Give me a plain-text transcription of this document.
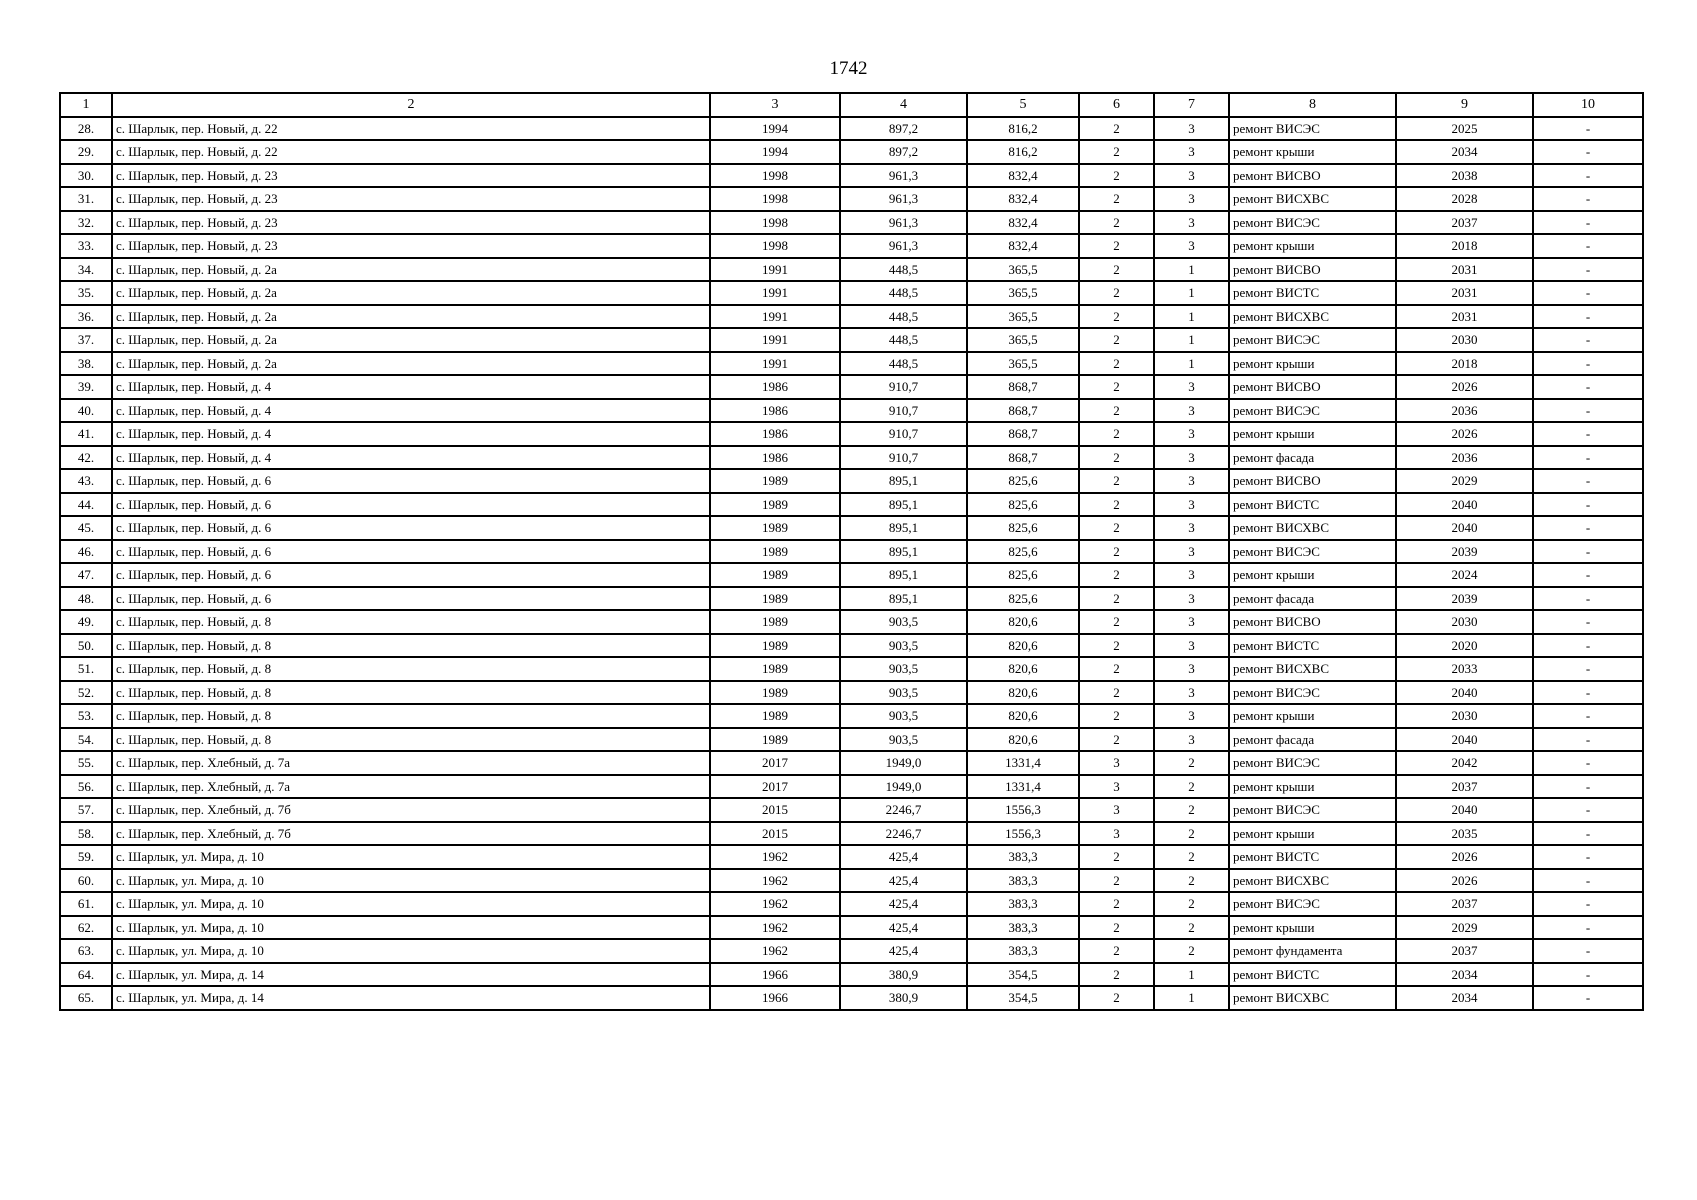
1742
1	2	3	4	5	6	7	8	9	10
28.	с. Шарлык, пер. Новый, д. 22	1994	897,2	816,2	2	3	ремонт ВИСЭС	2025	-
29.	с. Шарлык, пер. Новый, д. 22	1994	897,2	816,2	2	3	ремонт крыши	2034	-
30.	с. Шарлык, пер. Новый, д. 23	1998	961,3	832,4	2	3	ремонт ВИСВО	2038	-
31.	с. Шарлык, пер. Новый, д. 23	1998	961,3	832,4	2	3	ремонт ВИСХВС	2028	-
32.	с. Шарлык, пер. Новый, д. 23	1998	961,3	832,4	2	3	ремонт ВИСЭС	2037	-
33.	с. Шарлык, пер. Новый, д. 23	1998	961,3	832,4	2	3	ремонт крыши	2018	-
34.	с. Шарлык, пер. Новый, д. 2а	1991	448,5	365,5	2	1	ремонт ВИСВО	2031	-
35.	с. Шарлык, пер. Новый, д. 2а	1991	448,5	365,5	2	1	ремонт ВИСТС	2031	-
36.	с. Шарлык, пер. Новый, д. 2а	1991	448,5	365,5	2	1	ремонт ВИСХВС	2031	-
37.	с. Шарлык, пер. Новый, д. 2а	1991	448,5	365,5	2	1	ремонт ВИСЭС	2030	-
38.	с. Шарлык, пер. Новый, д. 2а	1991	448,5	365,5	2	1	ремонт крыши	2018	-
39.	с. Шарлык, пер. Новый, д. 4	1986	910,7	868,7	2	3	ремонт ВИСВО	2026	-
40.	с. Шарлык, пер. Новый, д. 4	1986	910,7	868,7	2	3	ремонт ВИСЭС	2036	-
41.	с. Шарлык, пер. Новый, д. 4	1986	910,7	868,7	2	3	ремонт крыши	2026	-
42.	с. Шарлык, пер. Новый, д. 4	1986	910,7	868,7	2	3	ремонт фасада	2036	-
43.	с. Шарлык, пер. Новый, д. 6	1989	895,1	825,6	2	3	ремонт ВИСВО	2029	-
44.	с. Шарлык, пер. Новый, д. 6	1989	895,1	825,6	2	3	ремонт ВИСТС	2040	-
45.	с. Шарлык, пер. Новый, д. 6	1989	895,1	825,6	2	3	ремонт ВИСХВС	2040	-
46.	с. Шарлык, пер. Новый, д. 6	1989	895,1	825,6	2	3	ремонт ВИСЭС	2039	-
47.	с. Шарлык, пер. Новый, д. 6	1989	895,1	825,6	2	3	ремонт крыши	2024	-
48.	с. Шарлык, пер. Новый, д. 6	1989	895,1	825,6	2	3	ремонт фасада	2039	-
49.	с. Шарлык, пер. Новый, д. 8	1989	903,5	820,6	2	3	ремонт ВИСВО	2030	-
50.	с. Шарлык, пер. Новый, д. 8	1989	903,5	820,6	2	3	ремонт ВИСТС	2020	-
51.	с. Шарлык, пер. Новый, д. 8	1989	903,5	820,6	2	3	ремонт ВИСХВС	2033	-
52.	с. Шарлык, пер. Новый, д. 8	1989	903,5	820,6	2	3	ремонт ВИСЭС	2040	-
53.	с. Шарлык, пер. Новый, д. 8	1989	903,5	820,6	2	3	ремонт крыши	2030	-
54.	с. Шарлык, пер. Новый, д. 8	1989	903,5	820,6	2	3	ремонт фасада	2040	-
55.	с. Шарлык, пер. Хлебный, д. 7а	2017	1949,0	1331,4	3	2	ремонт ВИСЭС	2042	-
56.	с. Шарлык, пер. Хлебный, д. 7а	2017	1949,0	1331,4	3	2	ремонт крыши	2037	-
57.	с. Шарлык, пер. Хлебный, д. 7б	2015	2246,7	1556,3	3	2	ремонт ВИСЭС	2040	-
58.	с. Шарлык, пер. Хлебный, д. 7б	2015	2246,7	1556,3	3	2	ремонт крыши	2035	-
59.	с. Шарлык, ул. Мира, д. 10	1962	425,4	383,3	2	2	ремонт ВИСТС	2026	-
60.	с. Шарлык, ул. Мира, д. 10	1962	425,4	383,3	2	2	ремонт ВИСХВС	2026	-
61.	с. Шарлык, ул. Мира, д. 10	1962	425,4	383,3	2	2	ремонт ВИСЭС	2037	-
62.	с. Шарлык, ул. Мира, д. 10	1962	425,4	383,3	2	2	ремонт крыши	2029	-
63.	с. Шарлык, ул. Мира, д. 10	1962	425,4	383,3	2	2	ремонт фундамента	2037	-
64.	с. Шарлык, ул. Мира, д. 14	1966	380,9	354,5	2	1	ремонт ВИСТС	2034	-
65.	с. Шарлык, ул. Мира, д. 14	1966	380,9	354,5	2	1	ремонт ВИСХВС	2034	-
